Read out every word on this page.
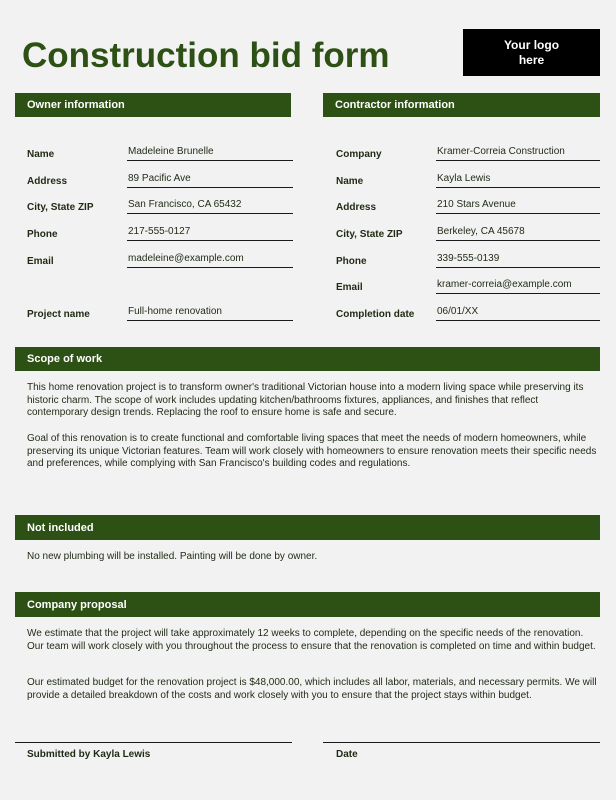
Construction bid form	Your logo here
Owner information	Contractor information
Name	Madeleine Brunelle
Address	89 Pacific Ave
City, State ZIP	San Francisco, CA 65432
Phone	217-555-0127
Email	madeleine@example.com
Project name	Full-home renovation
Company	Kramer-Correia Construction
Name	Kayla Lewis
Address	210 Stars Avenue
City, State ZIP	Berkeley, CA 45678
Phone	339-555-0139
Email	kramer-correia@example.com
Completion date 06/01/XX
Scope of work

This home renovation project is to transform owner's traditional Victorian house into a modern living space while preserving its historic charm. The scope of work includes updating kitchen/bathrooms fixtures, appliances, and finishes that reflect contemporary design trends. Replacing the roof to ensure home is safe and secure.

Goal of this renovation is to create functional and comfortable living spaces that meet the needs of modern homeowners, while preserving its unique Victorian features. Team will work closely with homeowners to ensure renovation meets their specific needs and preferences, while complying with San Francisco's building codes and regulations.

Not included

No new plumbing will be installed. Painting will be done by owner.

Company proposal

We estimate that the project will take approximately 12 weeks to complete, depending on the specific needs of the renovation. Our team will work closely with you throughout the process to ensure that the renovation is completed on time and within budget.

Our estimated budget for the renovation project is $48,000.00, which includes all labor, materials, and necessary permits. We will provide a detailed breakdown of the costs and work closely with you to ensure that the project stays within budget.

Submitted by Kayla Lewis	Date
